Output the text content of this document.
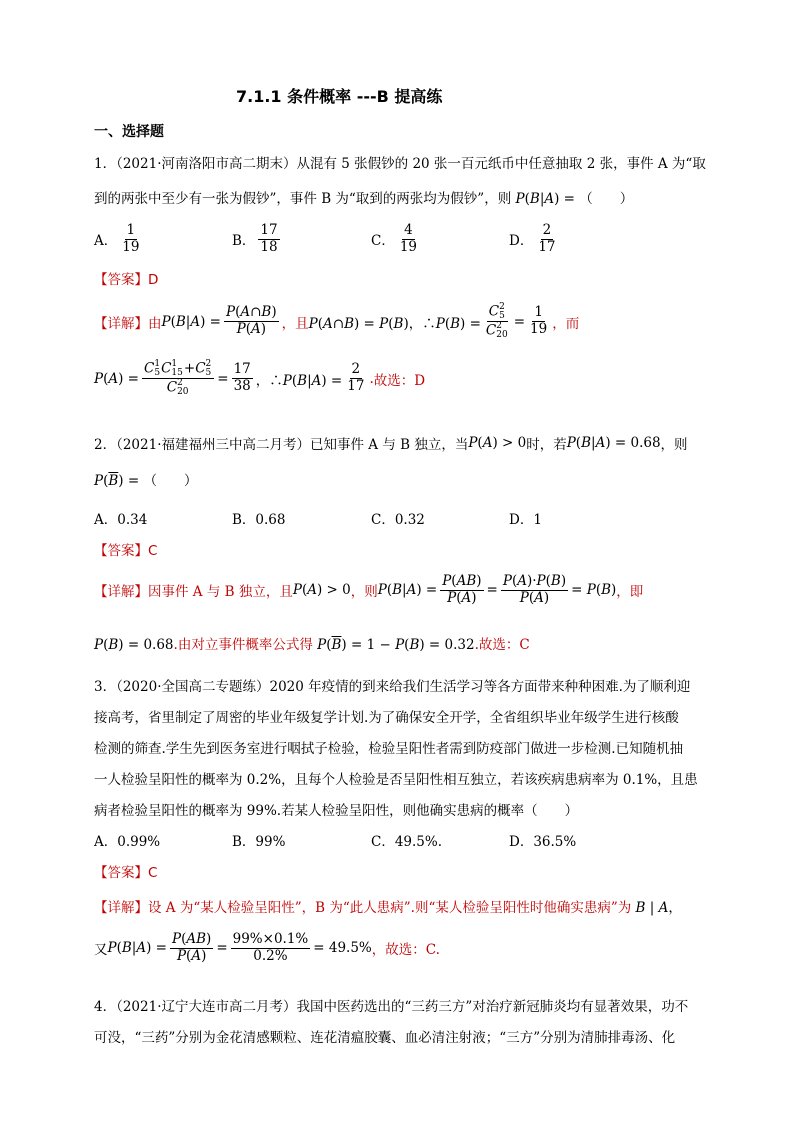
7.1.1 条件概率 ---B 提高练
一、选择题
1．（2021·河南洛阳市高二期末）从混有 5 张假钞的 20 张一百元纸币中任意抽取 2 张，事件 A 为“取
到的两张中至少有一张为假钞”，事件 B 为“取到的两张均为假钞”，则 P(B|A) = （　　）
A． $\frac{1}{19}$	B． $\frac{17}{18}$	C． $\frac{4}{19}$	D． $\frac{2}{17}$
【答案】D
【详解】 由 $P(B|A) = \frac{P(A\cap B)}{P(A)}$ ，且 P(A∩B) = P(B)，∴P(B) = C 2
5
C 2
$20 = \frac{1}{19}$ ，而
P(A) = C 1
5 C 1
15 +C 2
5
C 2
$20 = \frac{17}{38}$ ，∴P(B|A) = $\frac{2}{17}$ . 故选：D
2．（2021·福建福州三中高二月考）已知事件 A 与 B 独立，当 P(A) > 0 时，若 P(B|A) = 0.68 ，则
$P(\overline{B})$ = （　　）
A．0.34	B．0.68	C．0.32	D．1
【答案】C
【详解】 因事件 A 与 B 独立，且 P(A) > 0 ，则 $P(B|A) = \frac{P(AB)}{P(A)} = \frac{P(A)\cdot P(B)}{P(A)} = P(B)$ ，即
P(B) = 0.68.由对立事件概率公式得 $P(\overline{B}) = 1 - P(B) = 0.32$.故选：C
3．（2020·全国高二专题练）2020 年疫情的到来给我们生活学习等各方面带来种种困难.为了顺利迎
接高考，省里制定了周密的毕业年级复学计划.为了确保安全开学，全省组织毕业年级学生进行核酸
检测的筛查.学生先到医务室进行咽拭子检验，检验呈阳性者需到防疫部门做进一步检测.已知随机抽
一人检验呈阳性的概率为 0.2%，且每个人检验是否呈阳性相互独立，若该疾病患病率为 0.1%，且患
病者检验呈阳性的概率为 99%.若某人检验呈阳性，则他确实患病的概率（　　）
A．0.99%	B．99%	C．49.5%.	D．36.5%
【答案】C
【详解】设 A 为“某人检验呈阳性”，B 为“此人患病”.则“某人检验呈阳性时他确实患病”为 B | A，
又 $P(B|A) = \frac{P(AB)}{P(A)} = \frac{99\%\times 0.1\%}{0.2\%} = 49.5\%$ ，故选：C.
4．（2021·辽宁大连市高二月考）我国中医药选出的“三药三方”对治疗新冠肺炎均有显著效果，功不
可没，“三药”分别为金花清感颗粒、连花清瘟胶囊、血必清注射液；“三方”分别为清肺排毒汤、化
